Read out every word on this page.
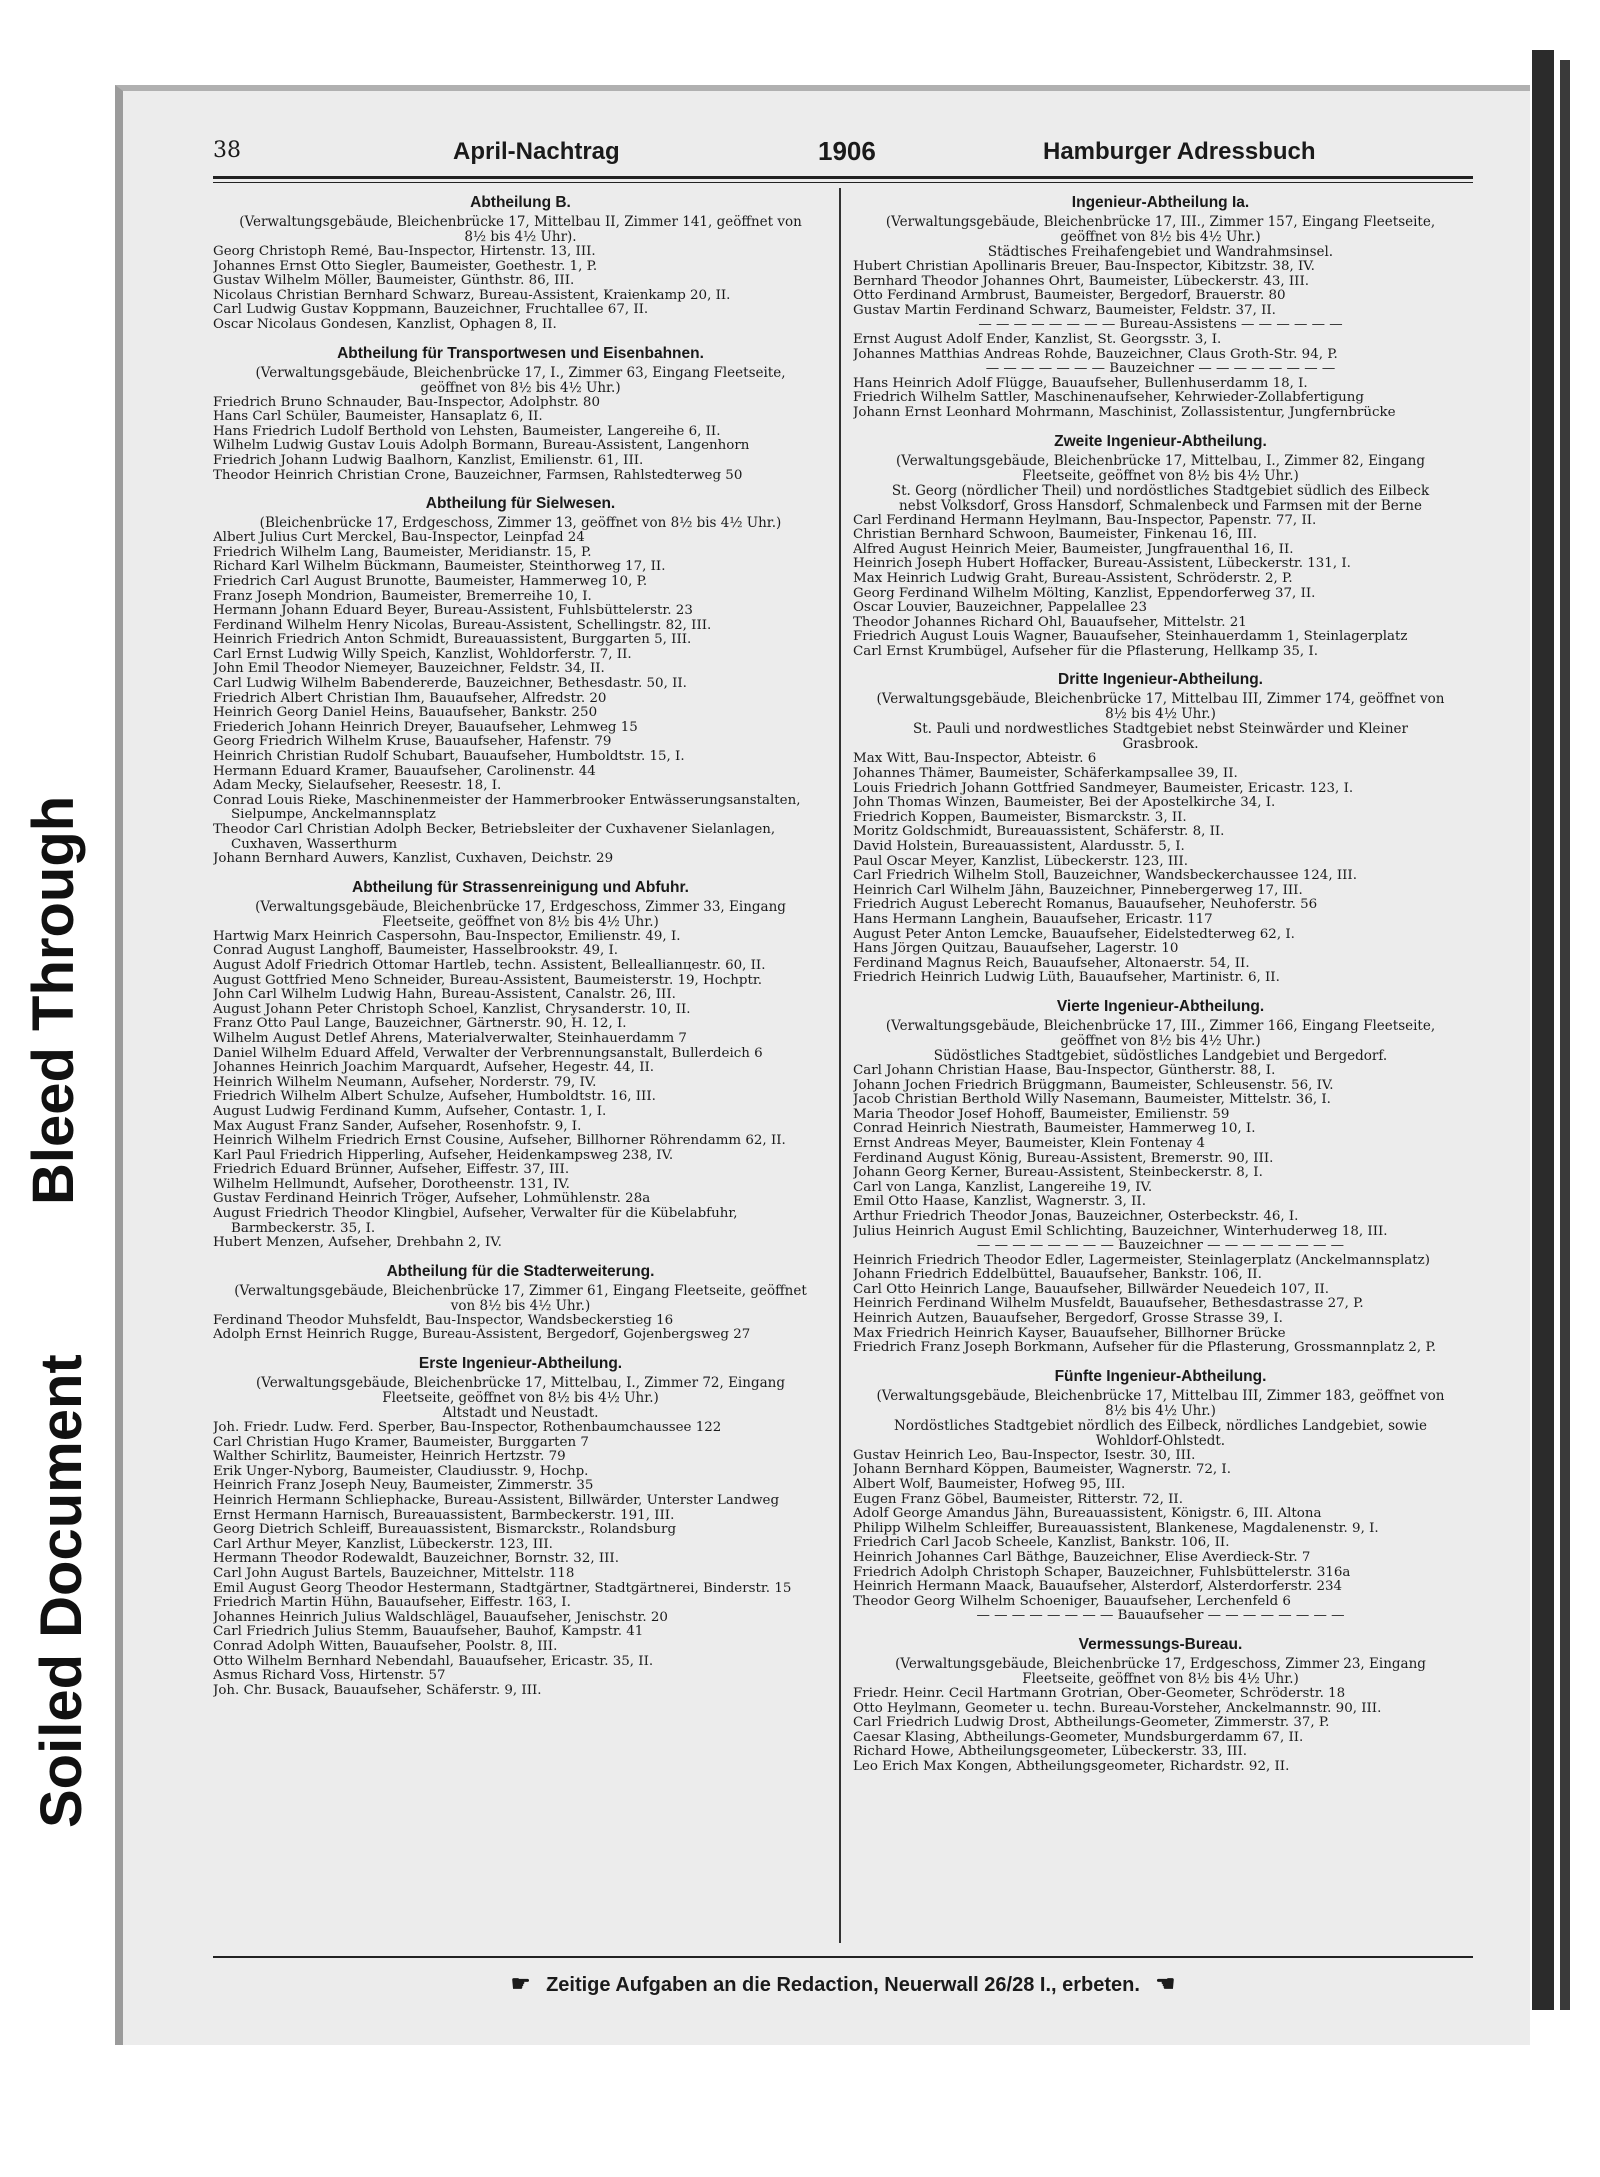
Bleed Through
Soiled Document
38	April-Nachtrag	1906	Hamburger Adressbuch
Abtheilung B.
(Verwaltungsgebäude, Bleichenbrücke 17, Mittelbau II, Zimmer 141, geöffnet von 8½ bis 4½ Uhr).
Georg Christoph Remé, Bau-Inspector, Hirtenstr. 13, III.
Johannes Ernst Otto Siegler, Baumeister, Goethestr. 1, P.
Gustav Wilhelm Möller, Baumeister, Günthstr. 86, III.
Nicolaus Christian Bernhard Schwarz, Bureau-Assistent, Kraienkamp 20, II.
Carl Ludwig Gustav Koppmann, Bauzeichner, Fruchtallee 67, II.
Oscar Nicolaus Gondesen, Kanzlist, Ophagen 8, II.
Abtheilung für Transportwesen und Eisenbahnen.
(Verwaltungsgebäude, Bleichenbrücke 17, I., Zimmer 63, Eingang Fleetseite, geöffnet von 8½ bis 4½ Uhr.)
Friedrich Bruno Schnauder, Bau-Inspector, Adolphstr. 80
Hans Carl Schüler, Baumeister, Hansaplatz 6, II.
Hans Friedrich Ludolf Berthold von Lehsten, Baumeister, Langereihe 6, II.
Wilhelm Ludwig Gustav Louis Adolph Bormann, Bureau-Assistent, Langenhorn
Friedrich Johann Ludwig Baalhorn, Kanzlist, Emilienstr. 61, III.
Theodor Heinrich Christian Crone, Bauzeichner, Farmsen, Rahlstedterweg 50
Abtheilung für Sielwesen.
(Bleichenbrücke 17, Erdgeschoss, Zimmer 13, geöffnet von 8½ bis 4½ Uhr.)
Albert Julius Curt Merckel, Bau-Inspector, Leinpfad 24
Friedrich Wilhelm Lang, Baumeister, Meridianstr. 15, P.
Richard Karl Wilhelm Bückmann, Baumeister, Steinthorweg 17, II.
Friedrich Carl August Brunotte, Baumeister, Hammerweg 10, P.
Franz Joseph Mondrion, Baumeister, Bremerreihe 10, I.
Hermann Johann Eduard Beyer, Bureau-Assistent, Fuhlsbüttelerstr. 23
Ferdinand Wilhelm Henry Nicolas, Bureau-Assistent, Schellingstr. 82, III.
Heinrich Friedrich Anton Schmidt, Bureauassistent, Burggarten 5, III.
Carl Ernst Ludwig Willy Speich, Kanzlist, Wohldorferstr. 7, II.
John Emil Theodor Niemeyer, Bauzeichner, Feldstr. 34, II.
Carl Ludwig Wilhelm Babendererde, Bauzeichner, Bethesdastr. 50, II.
Friedrich Albert Christian Ihm, Bauaufseher, Alfredstr. 20
Heinrich Georg Daniel Heins, Bauaufseher, Bankstr. 250
Friederich Johann Heinrich Dreyer, Bauaufseher, Lehmweg 15
Georg Friedrich Wilhelm Kruse, Bauaufseher, Hafenstr. 79
Heinrich Christian Rudolf Schubart, Bauaufseher, Humboldtstr. 15, I.
Hermann Eduard Kramer, Bauaufseher, Carolinenstr. 44
Adam Mecky, Sielaufseher, Reesestr. 18, I.
Conrad Louis Rieke, Maschinenmeister der Hammerbrooker Entwässerungsanstalten, Sielpumpe, Anckelmannsplatz
Theodor Carl Christian Adolph Becker, Betriebsleiter der Cuxhavener Sielanlagen, Cuxhaven, Wasserthurm
Johann Bernhard Auwers, Kanzlist, Cuxhaven, Deichstr. 29
Abtheilung für Strassenreinigung und Abfuhr.
(Verwaltungsgebäude, Bleichenbrücke 17, Erdgeschoss, Zimmer 33, Eingang Fleetseite, geöffnet von 8½ bis 4½ Uhr.)
Hartwig Marx Heinrich Caspersohn, Bau-Inspector, Emilienstr. 49, I.
Conrad August Langhoff, Baumeister, Hasselbrookstr. 49, I.
August Adolf Friedrich Ottomar Hartleb, techn. Assistent, Belleallianцestr. 60, II.
August Gottfried Meno Schneider, Bureau-Assistent, Baumeisterstr. 19, Hochptr.
John Carl Wilhelm Ludwig Hahn, Bureau-Assistent, Canalstr. 26, III.
August Johann Peter Christoph Schoel, Kanzlist, Chrysanderstr. 10, II.
Franz Otto Paul Lange, Bauzeichner, Gärtnerstr. 90, H. 12, I.
Wilhelm August Detlef Ahrens, Materialverwalter, Steinhauerdamm 7
Daniel Wilhelm Eduard Affeld, Verwalter der Verbrennungsanstalt, Bullerdeich 6
Johannes Heinrich Joachim Marquardt, Aufseher, Hegestr. 44, II.
Heinrich Wilhelm Neumann, Aufseher, Norderstr. 79, IV.
Friedrich Wilhelm Albert Schulze, Aufseher, Humboldtstr. 16, III.
August Ludwig Ferdinand Kumm, Aufseher, Contastr. 1, I.
Max August Franz Sander, Aufseher, Rosenhofstr. 9, I.
Heinrich Wilhelm Friedrich Ernst Cousine, Aufseher, Billhorner Röhrendamm 62, II.
Karl Paul Friedrich Hipperling, Aufseher, Heidenkampsweg 238, IV.
Friedrich Eduard Brünner, Aufseher, Eiffestr. 37, III.
Wilhelm Hellmundt, Aufseher, Dorotheenstr. 131, IV.
Gustav Ferdinand Heinrich Tröger, Aufseher, Lohmühlenstr. 28a
August Friedrich Theodor Klingbiel, Aufseher, Verwalter für die Kübelabfuhr, Barmbeckerstr. 35, I.
Hubert Menzen, Aufseher, Drehbahn 2, IV.
Abtheilung für die Stadterweiterung.
(Verwaltungsgebäude, Bleichenbrücke 17, Zimmer 61, Eingang Fleetseite, geöffnet von 8½ bis 4½ Uhr.)
Ferdinand Theodor Muhsfeldt, Bau-Inspector, Wandsbeckerstieg 16
Adolph Ernst Heinrich Rugge, Bureau-Assistent, Bergedorf, Gojenbergsweg 27
Erste Ingenieur-Abtheilung.
(Verwaltungsgebäude, Bleichenbrücke 17, Mittelbau, I., Zimmer 72, Eingang Fleetseite, geöffnet von 8½ bis 4½ Uhr.)
Altstadt und Neustadt.
Joh. Friedr. Ludw. Ferd. Sperber, Bau-Inspector, Rothenbaumchaussee 122
Carl Christian Hugo Kramer, Baumeister, Burggarten 7
Walther Schirlitz, Baumeister, Heinrich Hertzstr. 79
Erik Unger-Nyborg, Baumeister, Claudiusstr. 9, Hochp.
Heinrich Franz Joseph Neuy, Baumeister, Zimmerstr. 35
Heinrich Hermann Schliephacke, Bureau-Assistent, Billwärder, Unterster Landweg
Ernst Hermann Harnisch, Bureauassistent, Barmbeckerstr. 191, III.
Georg Dietrich Schleiff, Bureauassistent, Bismarckstr., Rolandsburg
Carl Arthur Meyer, Kanzlist, Lübeckerstr. 123, III.
Hermann Theodor Rodewaldt, Bauzeichner, Bornstr. 32, III.
Carl John August Bartels, Bauzeichner, Mittelstr. 118
Emil August Georg Theodor Hestermann, Stadtgärtner, Stadtgärtnerei, Binderstr. 15
Friedrich Martin Hühn, Bauaufseher, Eiffestr. 163, I.
Johannes Heinrich Julius Waldschlägel, Bauaufseher, Jenischstr. 20
Carl Friedrich Julius Stemm, Bauaufseher, Bauhof, Kampstr. 41
Conrad Adolph Witten, Bauaufseher, Poolstr. 8, III.
Otto Wilhelm Bernhard Nebendahl, Bauaufseher, Ericastr. 35, II.
Asmus Richard Voss, Hirtenstr. 57
Joh. Chr. Busack, Bauaufseher, Schäferstr. 9, III.
Ingenieur-Abtheilung Ia.
(Verwaltungsgebäude, Bleichenbrücke 17, III., Zimmer 157, Eingang Fleetseite, geöffnet von 8½ bis 4½ Uhr.)
Städtisches Freihafengebiet und Wandrahmsinsel.
Hubert Christian Apollinaris Breuer, Bau-Inspector, Kibitzstr. 38, IV.
Bernhard Theodor Johannes Ohrt, Baumeister, Lübeckerstr. 43, III.
Otto Ferdinand Armbrust, Baumeister, Bergedorf, Brauerstr. 80
Gustav Martin Ferdinand Schwarz, Baumeister, Feldstr. 37, II.
— — — — — — — — Bureau-Assistens — — — — — —
Ernst August Adolf Ender, Kanzlist, St. Georgsstr. 3, I.
Johannes Matthias Andreas Rohde, Bauzeichner, Claus Groth-Str. 94, P.
— — — — — — — Bauzeichner — — — — — — — —
Hans Heinrich Adolf Flügge, Bauaufseher, Bullenhuserdamm 18, I.
Friedrich Wilhelm Sattler, Maschinenaufseher, Kehrwieder-Zollabfertigung
Johann Ernst Leonhard Mohrmann, Maschinist, Zollassistentur, Jungfernbrücke
Zweite Ingenieur-Abtheilung.
(Verwaltungsgebäude, Bleichenbrücke 17, Mittelbau, I., Zimmer 82, Eingang Fleetseite, geöffnet von 8½ bis 4½ Uhr.)
St. Georg (nördlicher Theil) und nordöstliches Stadtgebiet südlich des Eilbeck nebst Volksdorf, Gross Hansdorf, Schmalenbeck und Farmsen mit der Berne
Carl Ferdinand Hermann Heylmann, Bau-Inspector, Papenstr. 77, II.
Christian Bernhard Schwoon, Baumeister, Finkenau 16, III.
Alfred August Heinrich Meier, Baumeister, Jungfrauenthal 16, II.
Heinrich Joseph Hubert Hoffacker, Bureau-Assistent, Lübeckerstr. 131, I.
Max Heinrich Ludwig Graht, Bureau-Assistent, Schröderstr. 2, P.
Georg Ferdinand Wilhelm Mölting, Kanzlist, Eppendorferweg 37, II.
Oscar Louvier, Bauzeichner, Pappelallee 23
Theodor Johannes Richard Ohl, Bauaufseher, Mittelstr. 21
Friedrich August Louis Wagner, Bauaufseher, Steinhauerdamm 1, Steinlagerplatz
Carl Ernst Krumbügel, Aufseher für die Pflasterung, Hellkamp 35, I.
Dritte Ingenieur-Abtheilung.
(Verwaltungsgebäude, Bleichenbrücke 17, Mittelbau III, Zimmer 174, geöffnet von 8½ bis 4½ Uhr.)
St. Pauli und nordwestliches Stadtgebiet nebst Steinwärder und Kleiner Grasbrook.
Max Witt, Bau-Inspector, Abteistr. 6
Johannes Thämer, Baumeister, Schäferkampsallee 39, II.
Louis Friedrich Johann Gottfried Sandmeyer, Baumeister, Ericastr. 123, I.
John Thomas Winzen, Baumeister, Bei der Apostelkirche 34, I.
Friedrich Koppen, Baumeister, Bismarckstr. 3, II.
Moritz Goldschmidt, Bureauassistent, Schäferstr. 8, II.
David Holstein, Bureauassistent, Alardusstr. 5, I.
Paul Oscar Meyer, Kanzlist, Lübeckerstr. 123, III.
Carl Friedrich Wilhelm Stoll, Bauzeichner, Wandsbeckerchaussee 124, III.
Heinrich Carl Wilhelm Jähn, Bauzeichner, Pinnebergerweg 17, III.
Friedrich August Leberecht Romanus, Bauaufseher, Neuhoferstr. 56
Hans Hermann Langhein, Bauaufseher, Ericastr. 117
August Peter Anton Lemcke, Bauaufseher, Eidelstedterweg 62, I.
Hans Jörgen Quitzau, Bauaufseher, Lagerstr. 10
Ferdinand Magnus Reich, Bauaufseher, Altonaerstr. 54, II.
Friedrich Heinrich Ludwig Lüth, Bauaufseher, Martinistr. 6, II.
Vierte Ingenieur-Abtheilung.
(Verwaltungsgebäude, Bleichenbrücke 17, III., Zimmer 166, Eingang Fleetseite, geöffnet von 8½ bis 4½ Uhr.)
Südöstliches Stadtgebiet, südöstliches Landgebiet und Bergedorf.
Carl Johann Christian Haase, Bau-Inspector, Güntherstr. 88, I.
Johann Jochen Friedrich Brüggmann, Baumeister, Schleusenstr. 56, IV.
Jacob Christian Berthold Willy Nasemann, Baumeister, Mittelstr. 36, I.
Maria Theodor Josef Hohoff, Baumeister, Emilienstr. 59
Conrad Heinrich Niestrath, Baumeister, Hammerweg 10, I.
Ernst Andreas Meyer, Baumeister, Klein Fontenay 4
Ferdinand August König, Bureau-Assistent, Bremerstr. 90, III.
Johann Georg Kerner, Bureau-Assistent, Steinbeckerstr. 8, I.
Carl von Langa, Kanzlist, Langereihe 19, IV.
Emil Otto Haase, Kanzlist, Wagnerstr. 3, II.
Arthur Friedrich Theodor Jonas, Bauzeichner, Osterbeckstr. 46, I.
Julius Heinrich August Emil Schlichting, Bauzeichner, Winterhuderweg 18, III.
— — — — — — — — Bauzeichner — — — — — — — —
Heinrich Friedrich Theodor Edler, Lagermeister, Steinlagerplatz (Anckelmannsplatz)
Johann Friedrich Eddelbüttel, Bauaufseher, Bankstr. 106, II.
Carl Otto Heinrich Lange, Bauaufseher, Billwärder Neuedeich 107, II.
Heinrich Ferdinand Wilhelm Musfeldt, Bauaufseher, Bethesdastrasse 27, P.
Heinrich Autzen, Bauaufseher, Bergedorf, Grosse Strasse 39, I.
Max Friedrich Heinrich Kayser, Bauaufseher, Billhorner Brücke
Friedrich Franz Joseph Borkmann, Aufseher für die Pflasterung, Grossmannplatz 2, P.
Fünfte Ingenieur-Abtheilung.
(Verwaltungsgebäude, Bleichenbrücke 17, Mittelbau III, Zimmer 183, geöffnet von 8½ bis 4½ Uhr.)
Nordöstliches Stadtgebiet nördlich des Eilbeck, nördliches Landgebiet, sowie Wohldorf-Ohlstedt.
Gustav Heinrich Leo, Bau-Inspector, Isestr. 30, III.
Johann Bernhard Köppen, Baumeister, Wagnerstr. 72, I.
Albert Wolf, Baumeister, Hofweg 95, III.
Eugen Franz Göbel, Baumeister, Ritterstr. 72, II.
Adolf George Amandus Jähn, Bureauassistent, Königstr. 6, III. Altona
Philipp Wilhelm Schleiffer, Bureauassistent, Blankenese, Magdalenenstr. 9, I.
Friedrich Carl Jacob Scheele, Kanzlist, Bankstr. 106, II.
Heinrich Johannes Carl Bäthge, Bauzeichner, Elise Averdieck-Str. 7
Friedrich Adolph Christoph Schaper, Bauzeichner, Fuhlsbüttelerstr. 316a
Heinrich Hermann Maack, Bauaufseher, Alsterdorf, Alsterdorferstr. 234
Theodor Georg Wilhelm Schoeniger, Bauaufseher, Lerchenfeld 6
— — — — — — — — Bauaufseher — — — — — — — —
Vermessungs-Bureau.
(Verwaltungsgebäude, Bleichenbrücke 17, Erdgeschoss, Zimmer 23, Eingang Fleetseite, geöffnet von 8½ bis 4½ Uhr.)
Friedr. Heinr. Cecil Hartmann Grotrian, Ober-Geometer, Schröderstr. 18
Otto Heylmann, Geometer u. techn. Bureau-Vorsteher, Anckelmannstr. 90, III.
Carl Friedrich Ludwig Drost, Abtheilungs-Geometer, Zimmerstr. 37, P.
Caesar Klasing, Abtheilungs-Geometer, Mundsburgerdamm 67, II.
Richard Howe, Abtheilungsgeometer, Lübeckerstr. 33, III.
Leo Erich Max Kongen, Abtheilungsgeometer, Richardstr. 92, II.
☛ Zeitige Aufgaben an die Redaction, Neuerwall 26/28 I., erbeten. ☚
